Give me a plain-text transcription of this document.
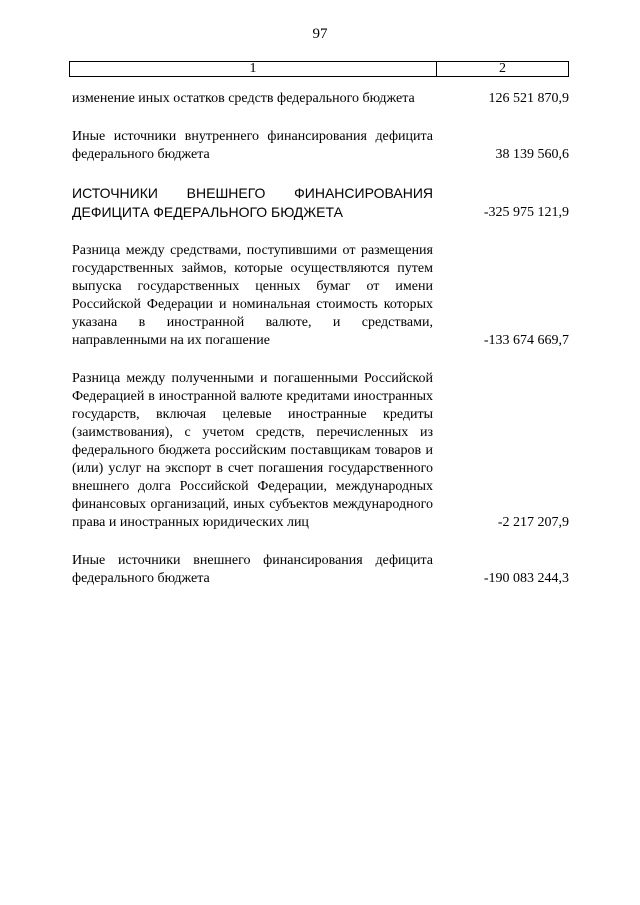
97
1	2
изменение иных остатков средств федерального бюджета	126 521 870,9
Иные источники внутреннего финансирования дефицита федерального бюджета	38 139 560,6
ИСТОЧНИКИ ВНЕШНЕГО ФИНАНСИРОВАНИЯ ДЕФИЦИТА ФЕДЕРАЛЬНОГО БЮДЖЕТА	-325 975 121,9
Разница между средствами, поступившими от размещения государственных займов, которые осуществляются путем выпуска государственных ценных бумаг от имени Российской Федерации и номинальная стоимость которых указана в иностранной валюте, и средствами, направленными на их погашение	-133 674 669,7
Разница между полученными и погашенными Российской Федерацией в иностранной валюте кредитами иностранных государств, включая целевые иностранные кредиты (заимствования), с учетом средств, перечисленных из федерального бюджета российским поставщикам товаров и (или) услуг на экспорт в счет погашения государственного внешнего долга Российской Федерации, международных финансовых организаций, иных субъектов международного права и иностранных юридических лиц	-2 217 207,9
Иные источники внешнего финансирования дефицита федерального бюджета	-190 083 244,3
